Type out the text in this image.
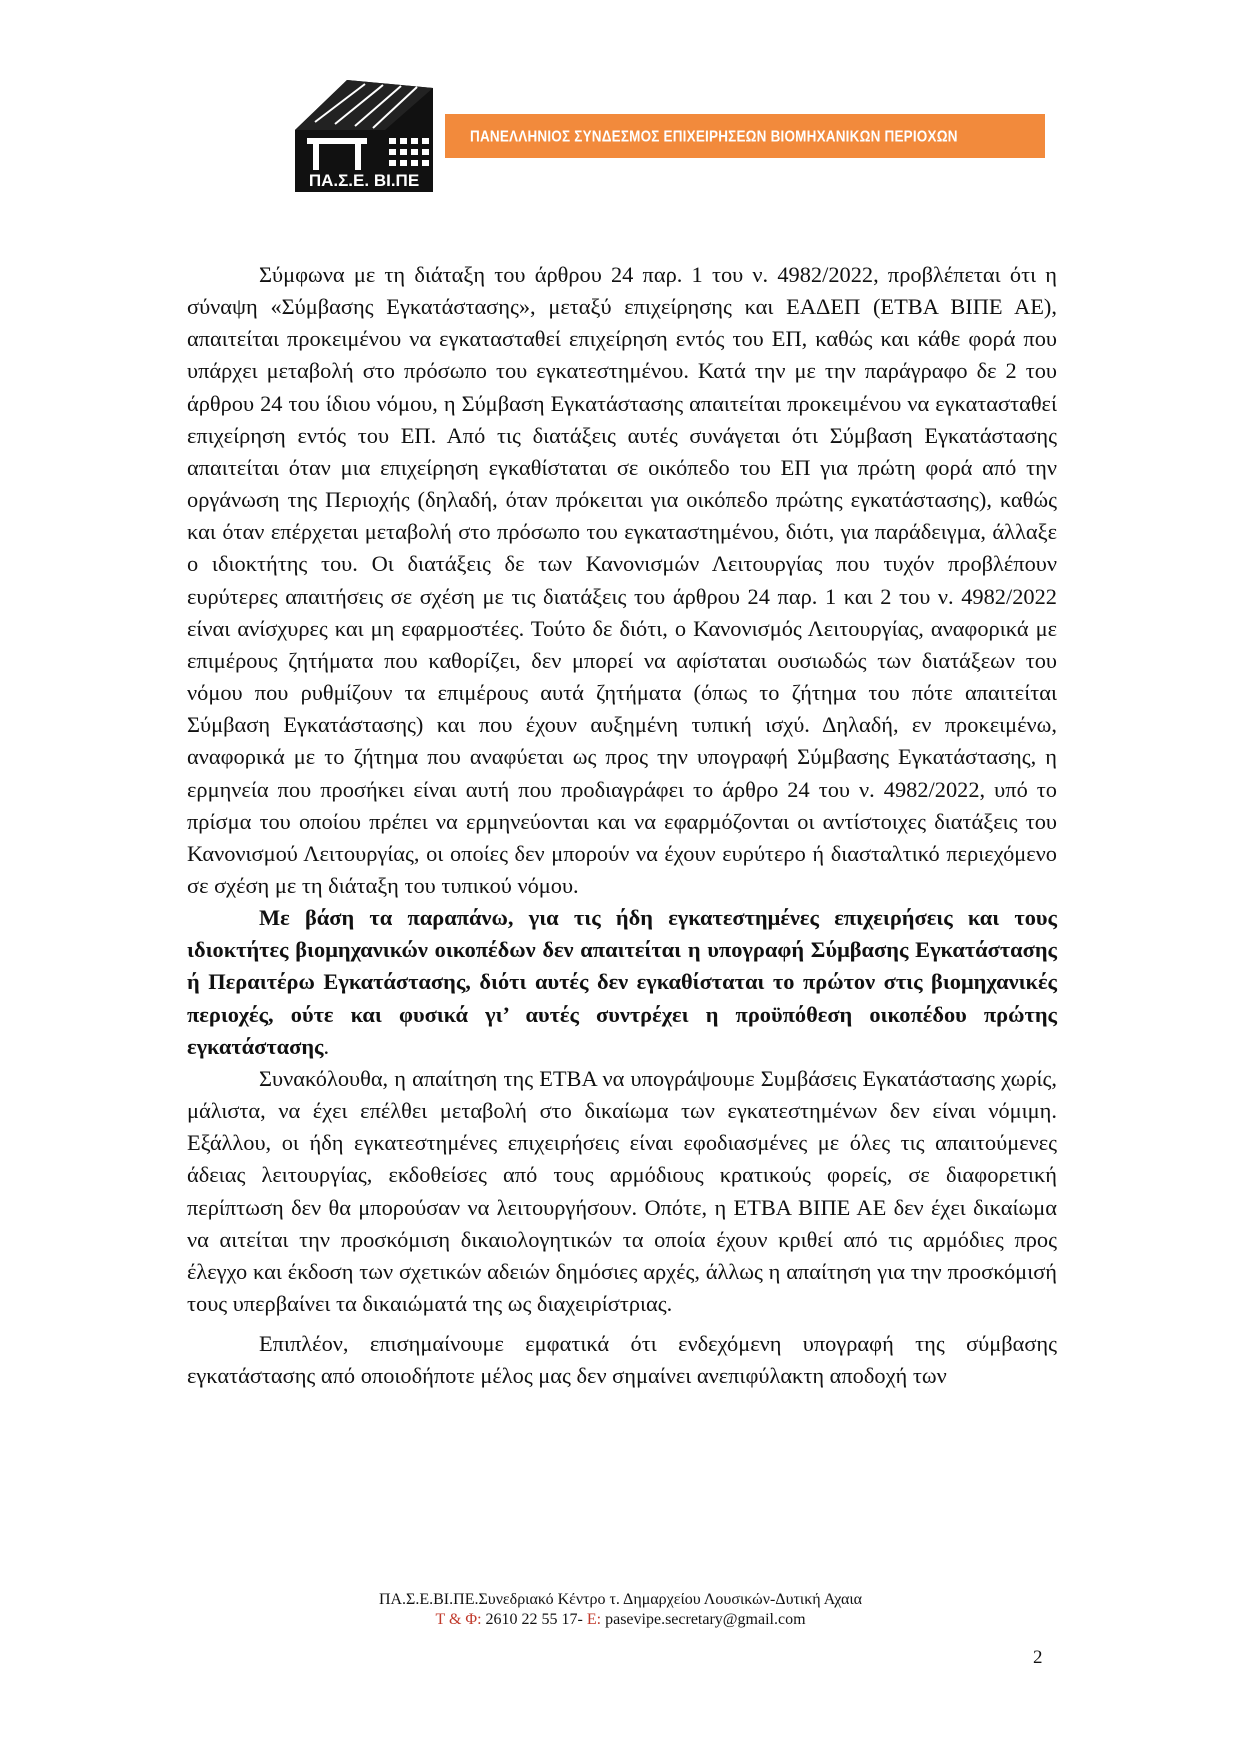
ΠΑ.Σ.Ε. ΒΙ.ΠΕ
ΠΑΝΕΛΛΗΝΙΟΣ ΣΥΝΔΕΣΜΟΣ ΕΠΙΧΕΙΡΗΣΕΩΝ ΒΙΟΜΗΧΑΝΙΚΩΝ ΠΕΡΙΟΧΩΝ

Σύμφωνα με τη διάταξη του άρθρου 24 παρ. 1 του ν. 4982/2022, προβλέπεται ότι η σύναψη «Σύμβασης Εγκατάστασης», μεταξύ επιχείρησης και ΕΑΔΕΠ (ΕΤΒΑ ΒΙΠΕ ΑΕ), απαιτείται προκειμένου να εγκατασταθεί επιχείρηση εντός του ΕΠ, καθώς και κάθε φορά που υπάρχει μεταβολή στο πρόσωπο του εγκατεστημένου. Κατά την με την παράγραφο δε 2 του άρθρου 24 του ίδιου νόμου, η Σύμβαση Εγκατάστασης απαιτείται προκειμένου να εγκατασταθεί επιχείρηση εντός του ΕΠ. Από τις διατάξεις αυτές συνάγεται ότι Σύμβαση Εγκατάστασης απαιτείται όταν μια επιχείρηση εγκαθίσταται σε οικόπεδο του ΕΠ για πρώτη φορά από την οργάνωση της Περιοχής (δηλαδή, όταν πρόκειται για οικόπεδο πρώτης εγκατάστασης), καθώς και όταν επέρχεται μεταβολή στο πρόσωπο του εγκαταστημένου, διότι, για παράδειγμα, άλλαξε ο ιδιοκτήτης του. Οι διατάξεις δε των Κανονισμών Λειτουργίας που τυχόν προβλέπουν ευρύτερες απαιτήσεις σε σχέση με τις διατάξεις του άρθρου 24 παρ. 1 και 2 του ν. 4982/2022 είναι ανίσχυρες και μη εφαρμοστέες. Τούτο δε διότι, ο Κανονισμός Λειτουργίας, αναφορικά με επιμέρους ζητήματα που καθορίζει, δεν μπορεί να αφίσταται ουσιωδώς των διατάξεων του νόμου που ρυθμίζουν τα επιμέρους αυτά ζητήματα (όπως το ζήτημα του πότε απαιτείται Σύμβαση Εγκατάστασης) και που έχουν αυξημένη τυπική ισχύ. Δηλαδή, εν προκειμένω, αναφορικά με το ζήτημα που αναφύεται ως προς την υπογραφή Σύμβασης Εγκατάστασης, η ερμηνεία που προσήκει είναι αυτή που προδιαγράφει το άρθρο 24 του ν. 4982/2022, υπό το πρίσμα του οποίου πρέπει να ερμηνεύονται και να εφαρμόζονται οι αντίστοιχες διατάξεις του Κανονισμού Λειτουργίας, οι οποίες δεν μπορούν να έχουν ευρύτερο ή διασταλτικό περιεχόμενο σε σχέση με τη διάταξη του τυπικού νόμου.

Με βάση τα παραπάνω, για τις ήδη εγκατεστημένες επιχειρήσεις και τους ιδιοκτήτες βιομηχανικών οικοπέδων δεν απαιτείται η υπογραφή Σύμβασης Εγκατάστασης ή Περαιτέρω Εγκατάστασης, διότι αυτές δεν εγκαθίσταται το πρώτον στις βιομηχανικές περιοχές, ούτε και φυσικά γι’ αυτές συντρέχει η προϋπόθεση οικοπέδου πρώτης εγκατάστασης.

Συνακόλουθα, η απαίτηση της ΕΤΒΑ να υπογράψουμε Συμβάσεις Εγκατάστασης χωρίς, μάλιστα, να έχει επέλθει μεταβολή στο δικαίωμα των εγκατεστημένων δεν είναι νόμιμη. Εξάλλου, οι ήδη εγκατεστημένες επιχειρήσεις είναι εφοδιασμένες με όλες τις απαιτούμενες άδειας λειτουργίας, εκδοθείσες από τους αρμόδιους κρατικούς φορείς, σε διαφορετική περίπτωση δεν θα μπορούσαν να λειτουργήσουν. Οπότε, η ΕΤΒΑ ΒΙΠΕ ΑΕ δεν έχει δικαίωμα να αιτείται την προσκόμιση δικαιολογητικών τα οποία έχουν κριθεί από τις αρμόδιες προς έλεγχο και έκδοση των σχετικών αδειών δημόσιες αρχές, άλλως η απαίτηση για την προσκόμισή τους υπερβαίνει τα δικαιώματά της ως διαχειρίστριας.

Επιπλέον, επισημαίνουμε εμφατικά ότι ενδεχόμενη υπογραφή της σύμβασης εγκατάστασης από οποιοδήποτε μέλος μας δεν σημαίνει ανεπιφύλακτη αποδοχή των

ΠΑ.Σ.Ε.ΒΙ.ΠΕ.Συνεδριακό Κέντρο τ. Δημαρχείου Λουσικών-Δυτική Αχαια
Τ & Φ: 2610 22 55 17- E: pasevipe.secretary@gmail.com
2
